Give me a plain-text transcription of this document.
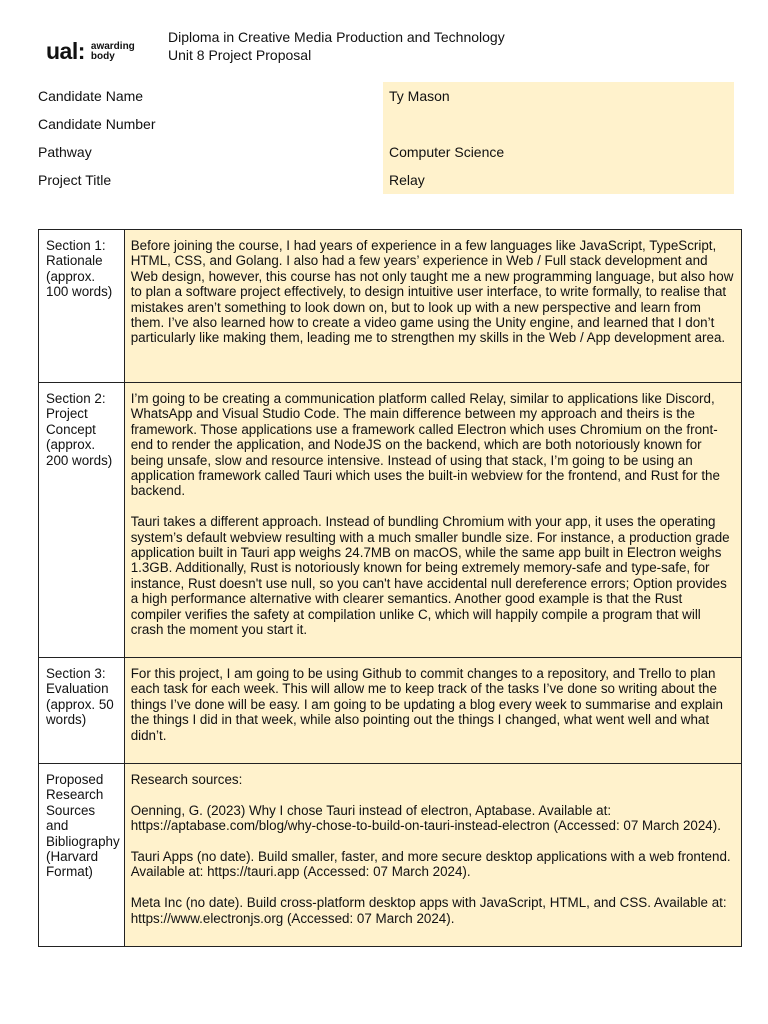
ual: awarding
body
Diploma in Creative Media Production and Technology
Unit 8 Project Proposal
Candidate Name	Ty Mason
Candidate Number
Pathway	Computer Science
Project Title	Relay
Section 1: Rationale (approx. 100 words)	Before joining the course, I had years of experience in a few languages like JavaScript, TypeScript, HTML, CSS, and Golang. I also had a few years’ experience in Web / Full stack development and Web design, however, this course has not only taught me a new programming language, but also how to plan a software project effectively, to design intuitive user interface, to write formally, to realise that mistakes aren’t something to look down on, but to look up with a new perspective and learn from them. I’ve also learned how to create a video game using the Unity engine, and learned that I don’t particularly like making them, leading me to strengthen my skills in the Web / App development area.

Section 2: Project Concept (approx. 200 words)	I’m going to be creating a communication platform called Relay, similar to applications like Discord, WhatsApp and Visual Studio Code. The main difference between my approach and theirs is the framework. Those applications use a framework called Electron which uses Chromium on the front-end to render the application, and NodeJS on the backend, which are both notoriously known for being unsafe, slow and resource intensive. Instead of using that stack, I’m going to be using an application framework called Tauri which uses the built-in webview for the frontend, and Rust for the backend.

Tauri takes a different approach. Instead of bundling Chromium with your app, it uses the operating system’s default webview resulting with a much smaller bundle size. For instance, a production grade application built in Tauri app weighs 24.7MB on macOS, while the same app built in Electron weighs 1.3GB. Additionally, Rust is notoriously known for being extremely memory-safe and type-safe, for instance, Rust doesn't use null, so you can't have accidental null dereference errors; Option provides a high performance alternative with clearer semantics. Another good example is that the Rust compiler verifies the safety at compilation unlike C, which will happily compile a program that will crash the moment you start it.

Section 3: Evaluation (approx. 50 words)	For this project, I am going to be using Github to commit changes to a repository, and Trello to plan each task for each week. This will allow me to keep track of the tasks I’ve done so writing about the things I’ve done will be easy. I am going to be updating a blog every week to summarise and explain the things I did in that week, while also pointing out the things I changed, what went well and what didn’t.

Proposed Research Sources and Bibliography (Harvard Format)	Research sources:

Oenning, G. (2023) Why I chose Tauri instead of electron, Aptabase. Available at: https://aptabase.com/blog/why-chose-to-build-on-tauri-instead-electron (Accessed: 07 March 2024).

Tauri Apps (no date). Build smaller, faster, and more secure desktop applications with a web frontend. Available at: https://tauri.app (Accessed: 07 March 2024).

Meta Inc (no date). Build cross-platform desktop apps with JavaScript, HTML, and CSS. Available at: https://www.electronjs.org (Accessed: 07 March 2024).
